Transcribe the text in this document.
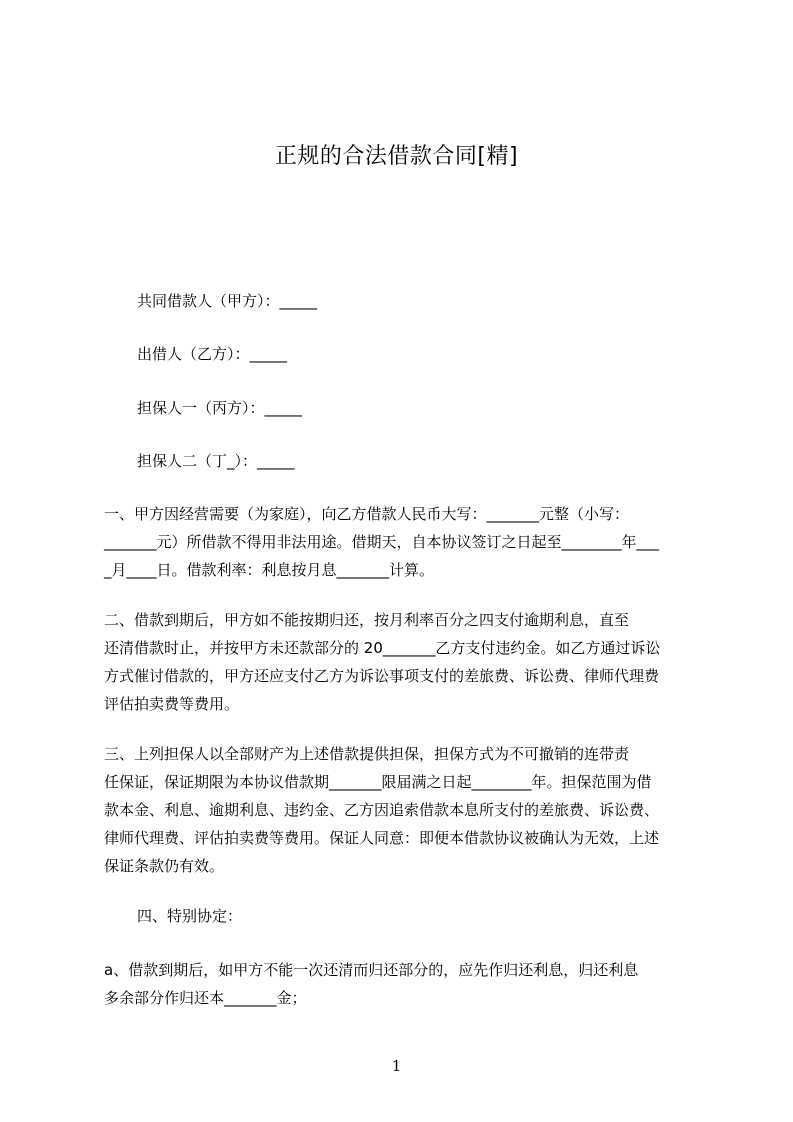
正规的合法借款合同[精]
共同借款人（甲方）：_____
出借人（乙方）：_____
担保人一（丙方）：_____
担保人二（丁_）：_____
一、甲方因经营需要（为家庭），向乙方借款人民币大写：_______元整（小写：
_______元）所借款不得用非法用途。借期天，自本协议签订之日起至________年___
_月____日。借款利率：利息按月息_______计算。
二、借款到期后，甲方如不能按期归还，按月利率百分之四支付逾期利息，直至
还清借款时止，并按甲方未还款部分的 20_______乙方支付违约金。如乙方通过诉讼
方式催讨借款的，甲方还应支付乙方为诉讼事项支付的差旅费、诉讼费、律师代理费
评估拍卖费等费用。
三、上列担保人以全部财产为上述借款提供担保，担保方式为不可撤销的连带责
任保证，保证期限为本协议借款期_______限届满之日起________年。担保范围为借
款本金、利息、逾期利息、违约金、乙方因追索借款本息所支付的差旅费、诉讼费、
律师代理费、评估拍卖费等费用。保证人同意：即便本借款协议被确认为无效，上述
保证条款仍有效。
四、特别协定：
a、借款到期后，如甲方不能一次还清而归还部分的，应先作归还利息，归还利息
多余部分作归还本_______金；
1
